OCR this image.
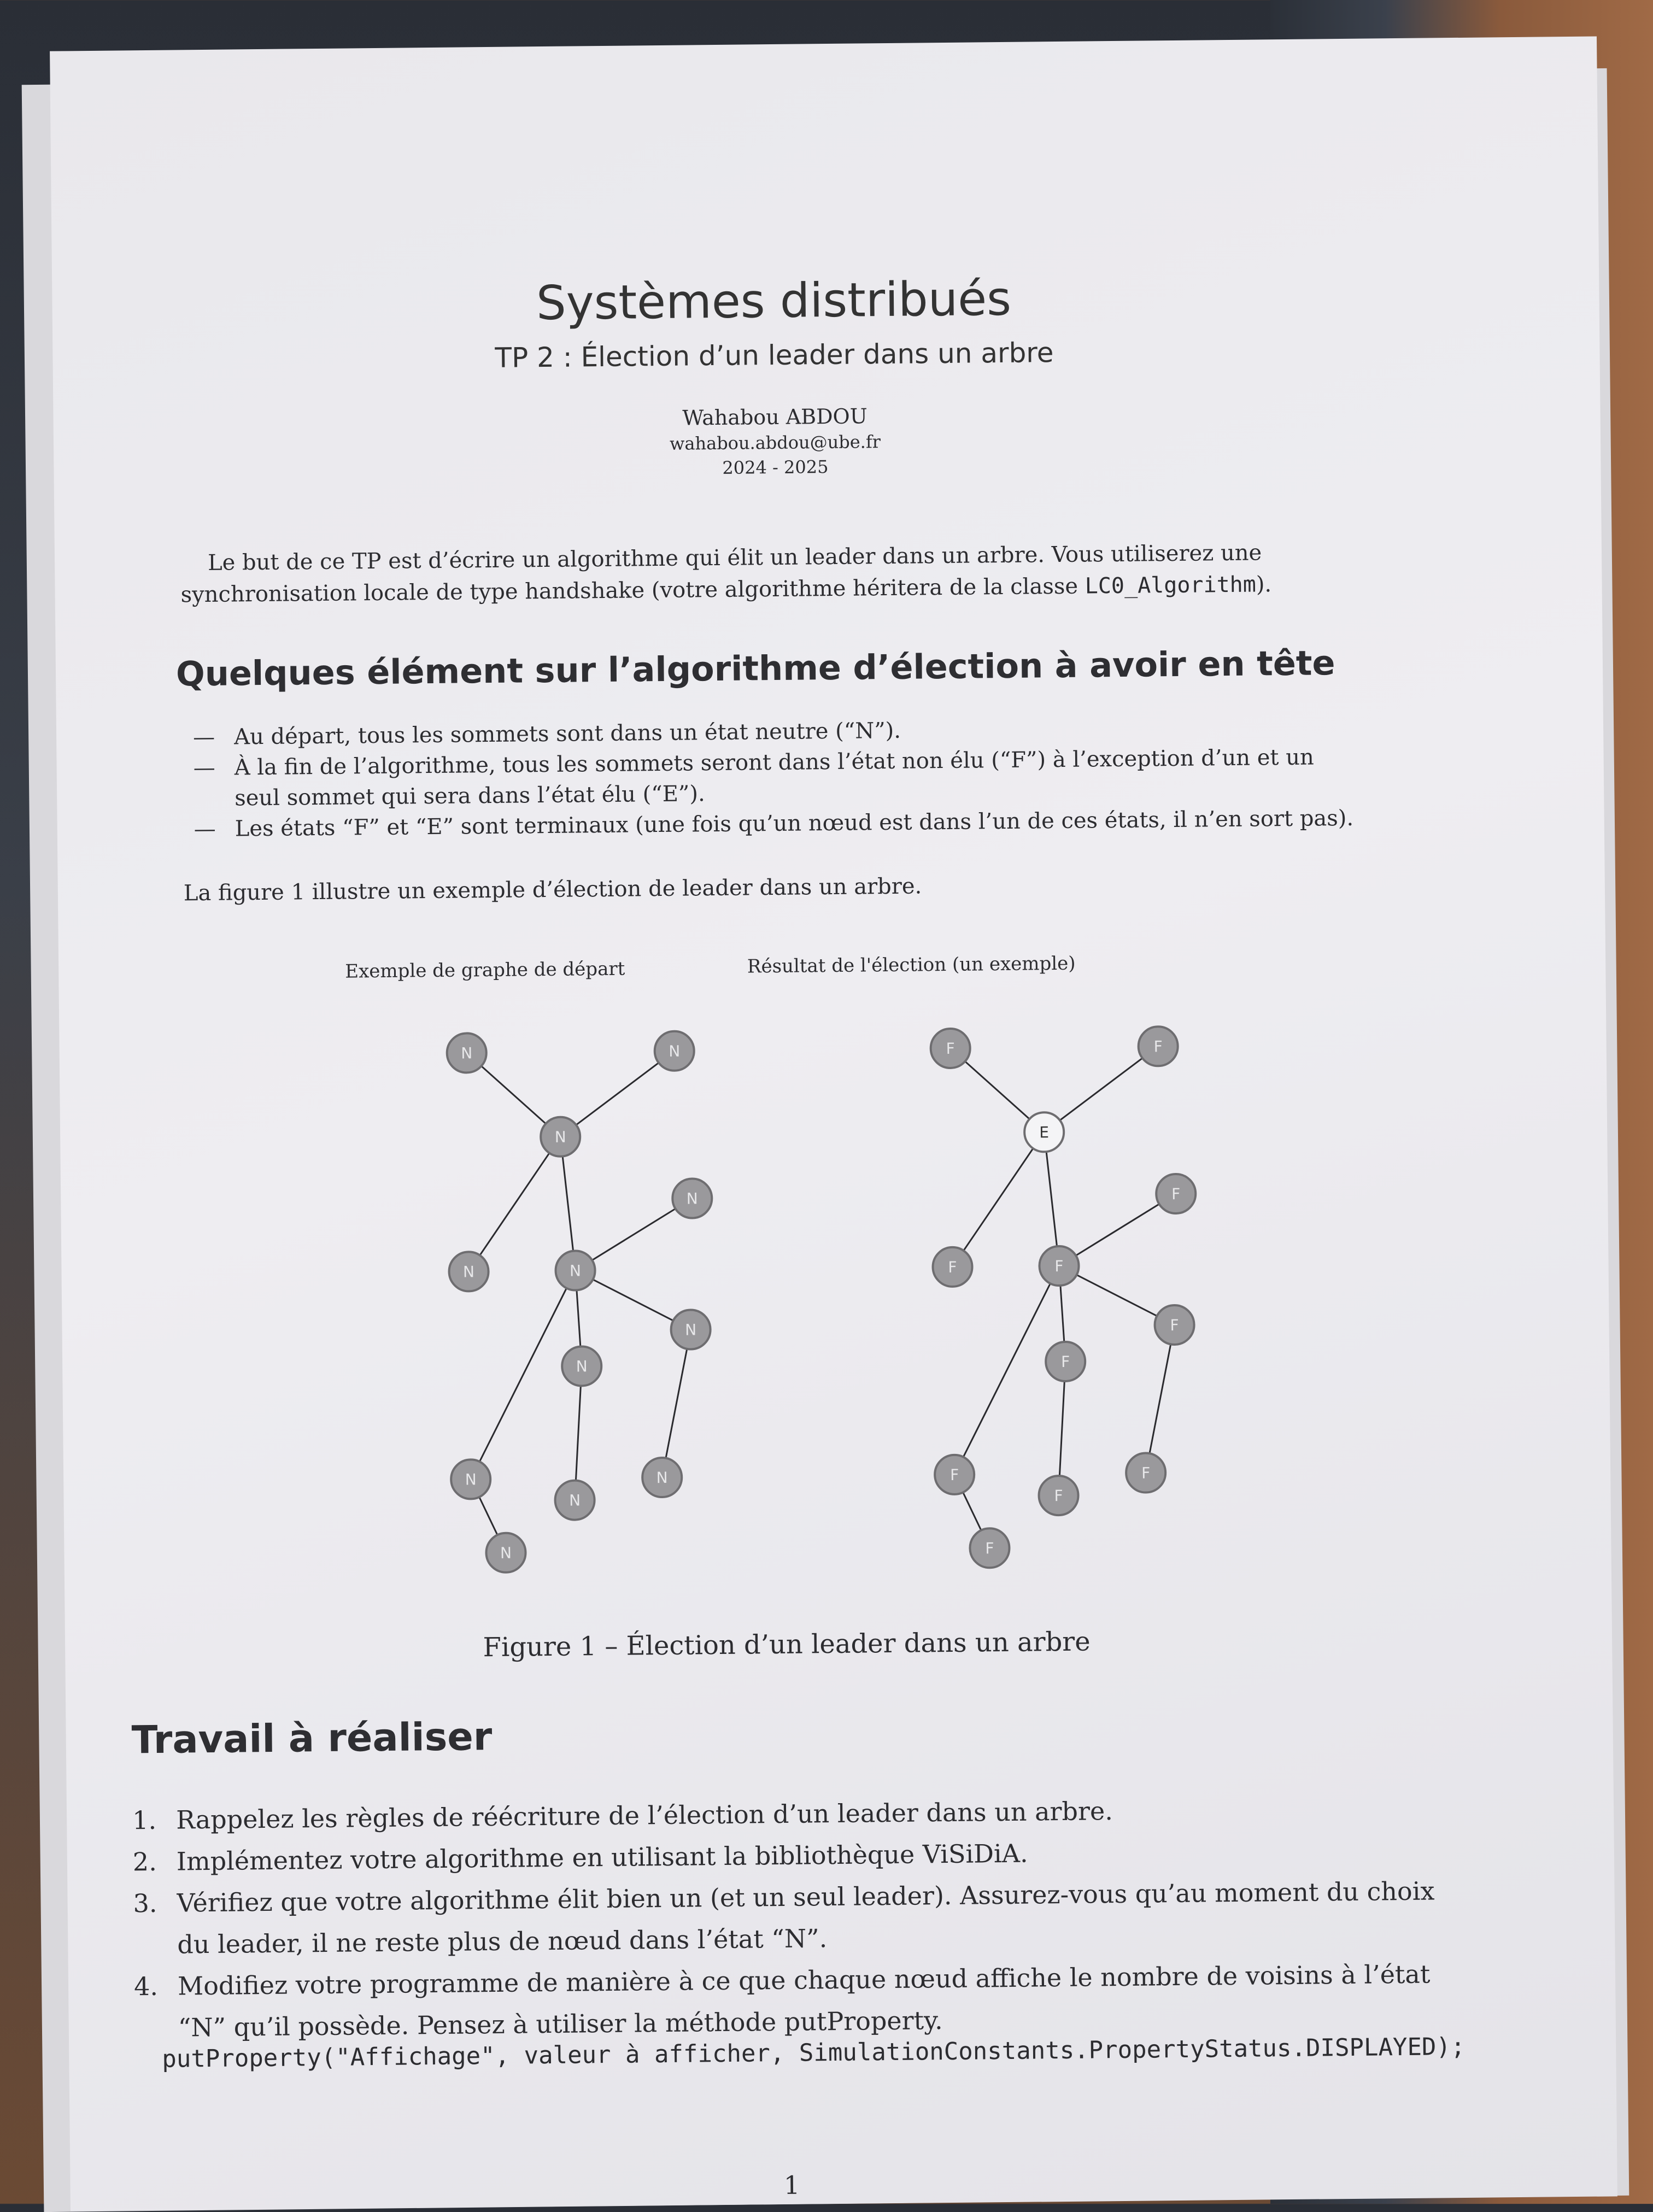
Systèmes distribués
TP 2 : Élection d’un leader dans un arbre
Wahabou ABDOU
wahabou.abdou@ube.fr
2024 - 2025
Le but de ce TP est d’écrire un algorithme qui élit un leader dans un arbre. Vous utiliserez une synchronisation locale de type handshake (votre algorithme héritera de la classe LC0_Algorithm).
Quelques élément sur l’algorithme d’élection à avoir en tête
— Au départ, tous les sommets sont dans un état neutre (“N”).
— À la fin de l’algorithme, tous les sommets seront dans l’état non élu (“F”) à l’exception d’un et un seul sommet qui sera dans l’état élu (“E”).
— Les états “F” et “E” sont terminaux (une fois qu’un nœud est dans l’un de ces états, il n’en sort pas).
La figure 1 illustre un exemple d’élection de leader dans un arbre.
Exemple de graphe de départ	Résultat de l'élection (un exemple)
N	N
N
N	N
N
N
N
N
N
N
N
F	F
E
F	F
F
F
F
F
F
F
F
Figure 1 – Élection d’un leader dans un arbre
Travail à réaliser
1. Rappelez les règles de réécriture de l’élection d’un leader dans un arbre.
2. Implémentez votre algorithme en utilisant la bibliothèque ViSiDiA.
3. Vérifiez que votre algorithme élit bien un (et un seul leader). Assurez-vous qu’au moment du choix du leader, il ne reste plus de nœud dans l’état “N”.
4. Modifiez votre programme de manière à ce que chaque nœud affiche le nombre de voisins à l’état “N” qu’il possède. Pensez à utiliser la méthode putProperty.
putProperty("Affichage", valeur à afficher, SimulationConstants.PropertyStatus.DISPLAYED);
1
